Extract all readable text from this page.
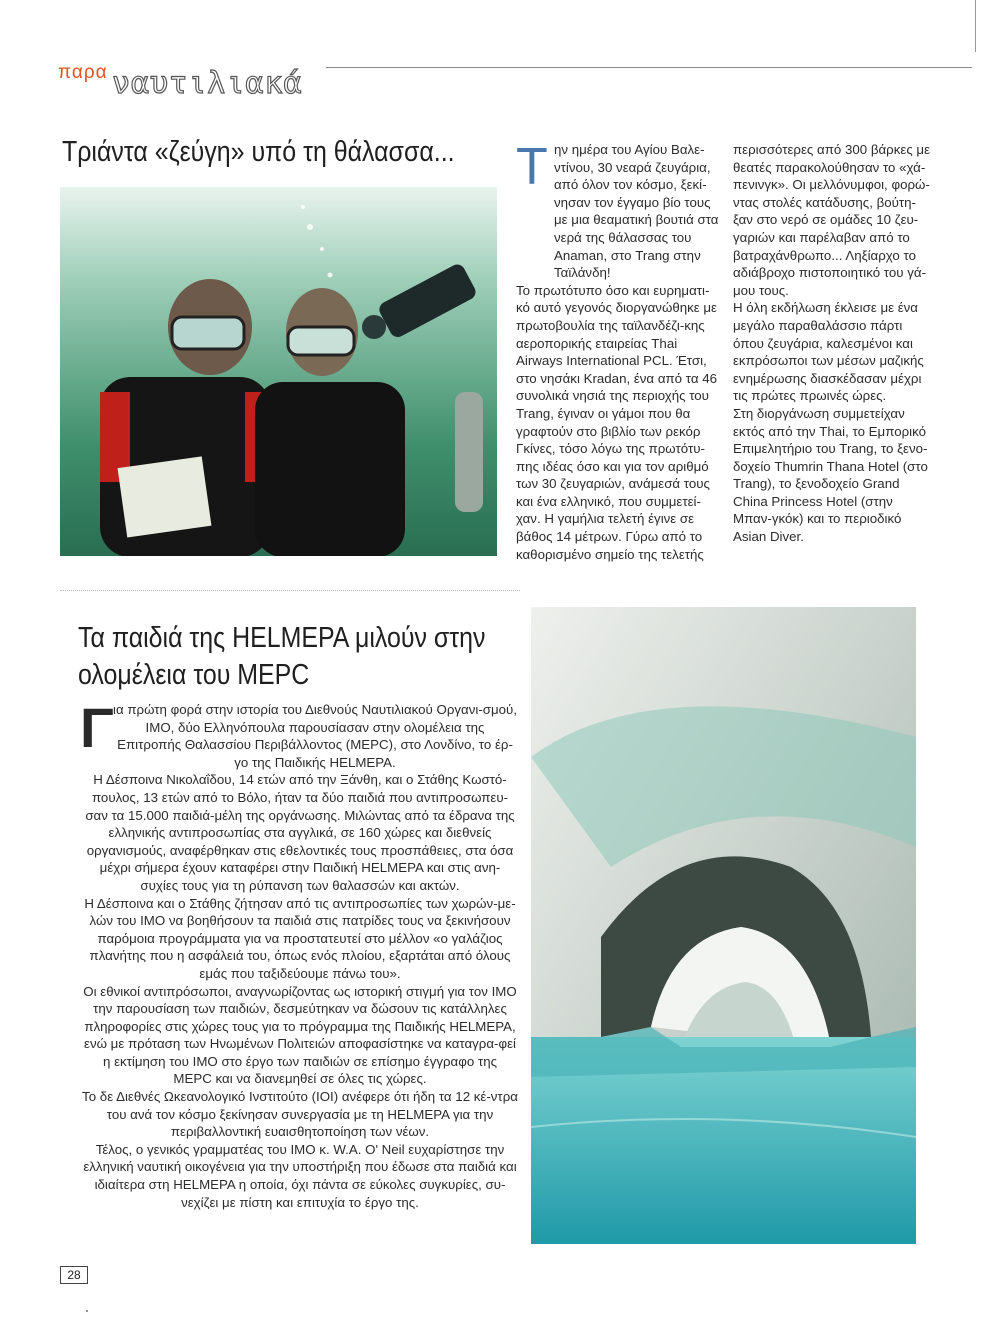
παρα ναυτιλιακά
Τριάντα «ζεύγη» υπό τη θάλασσα... Τ ην ημέρα του Αγίου Βαλε-ντίνου, 30 νεαρά ζευγάρια, από όλον τον κόσμο, ξεκί-νησαν τον έγγαμο βίο τους με μια θεαματική βουτιά στα νερά της θάλασσας του Anaman, στο Trang στην Ταϊλάνδη!

Το πρωτότυπο όσο και ευρηματι-κό αυτό γεγονός διοργανώθηκε με πρωτοβουλία της ταϊλανδέζι-κης αεροπορικής εταιρείας Thai Airways International PCL. Έτσι, στο νησάκι Kradan, ένα από τα 46 συνολικά νησιά της περιοχής του Trang, έγιναν οι γάμοι που θα γραφτούν στο βιβλίο των ρεκόρ Γκίνες, τόσο λόγω της πρωτότυ-πης ιδέας όσο και για τον αριθμό των 30 ζευγαριών, ανάμεσά τους και ένα ελληνικό, που συμμετεί-χαν. Η γαμήλια τελετή έγινε σε βάθος 14 μέτρων. Γύρω από το καθορισμένο σημείο της τελετής

περισσότερες από 300 βάρκες με θεατές παρακολούθησαν το «χά-πενινγκ». Οι μελλόνυμφοι, φορώ-ντας στολές κατάδυσης, βούτη-ξαν στο νερό σε ομάδες 10 ζευ-γαριών και παρέλαβαν από το βατραχάνθρωπο... Ληξίαρχο το αδιάβροχο πιστοποιητικό του γά-μου τους.

Η όλη εκδήλωση έκλεισε με ένα μεγάλο παραθαλάσσιο πάρτι όπου ζευγάρια, καλεσμένοι και εκπρόσωποι των μέσων μαζικής ενημέρωσης διασκέδασαν μέχρι τις πρώτες πρωινές ώρες.

Στη διοργάνωση συμμετείχαν εκτός από την Thai, το Εμπορικό Επιμελητήριο του Trang, το ξενο-δοχείο Thumrin Thana Hotel (στο Trang), το ξενοδοχείο Grand China Princess Hotel (στην Μπαν-γκόκ) και το περιοδικό Asian Diver.

Τα παιδιά της HELMEPA μιλούν στην ολομέλεια του MEPC
Γ ια πρώτη φορά στην ιστορία του Διεθνούς Ναυτιλιακού Οργανι-σμού, ΙΜΟ, δύο Ελληνόπουλα παρουσίασαν στην ολομέλεια της Επιτροπής Θαλασσίου Περιβάλλοντος (MEPC), στο Λονδίνο, το έρ-γο της Παιδικής HELMEPA.

Η Δέσποινα Νικολαΐδου, 14 ετών από την Ξάνθη, και ο Στάθης Κωστό-πουλος, 13 ετών από το Βόλο, ήταν τα δύο παιδιά που αντιπροσωπευ-σαν τα 15.000 παιδιά-μέλη της οργάνωσης. Μιλώντας από τα έδρανα της ελληνικής αντιπροσωπίας στα αγγλικά, σε 160 χώρες και διεθνείς οργανισμούς, αναφέρθηκαν στις εθελοντικές τους προσπάθειες, στα όσα μέχρι σήμερα έχουν καταφέρει στην Παιδική HELMEPA και στις ανη-συχίες τους για τη ρύπανση των θαλασσών και ακτών.

Η Δέσποινα και ο Στάθης ζήτησαν από τις αντιπροσωπίες των χωρών-με-λών του ΙΜΟ να βοηθήσουν τα παιδιά στις πατρίδες τους να ξεκινήσουν παρόμοια προγράμματα για να προστατευτεί στο μέλλον «ο γαλάζιος πλανήτης που η ασφάλειά του, όπως ενός πλοίου, εξαρτάται από όλους εμάς που ταξιδεύουμε πάνω του».

Οι εθνικοί αντιπρόσωποι, αναγνωρίζοντας ως ιστορική στιγμή για τον ΙΜΟ την παρουσίαση των παιδιών, δεσμεύτηκαν να δώσουν τις κατάλληλες πληροφορίες στις χώρες τους για το πρόγραμμα της Παιδικής HELMEPA, ενώ με πρόταση των Ηνωμένων Πολιτειών αποφασίστηκε να καταγρα-φεί η εκτίμηση του ΙΜΟ στο έργο των παιδιών σε επίσημο έγγραφο της MEPC και να διανεμηθεί σε όλες τις χώρες.

Το δε Διεθνές Ωκεανολογικό Ινστιτούτο (ΙΟΙ) ανέφερε ότι ήδη τα 12 κέ-ντρα του ανά τον κόσμο ξεκίνησαν συνεργασία με τη HELMEPA για την περιβαλλοντική ευαισθητοποίηση των νέων.

Τέλος, ο γενικός γραμματέας του ΙΜΟ κ. W.A. O' Neil ευχαρίστησε την ελληνική ναυτική οικογένεια για την υποστήριξη που έδωσε στα παιδιά και ιδιαίτερα στη HELMEPA η οποία, όχι πάντα σε εύκολες συγκυρίες, συ-νεχίζει με πίστη και επιτυχία το έργο της.

28
